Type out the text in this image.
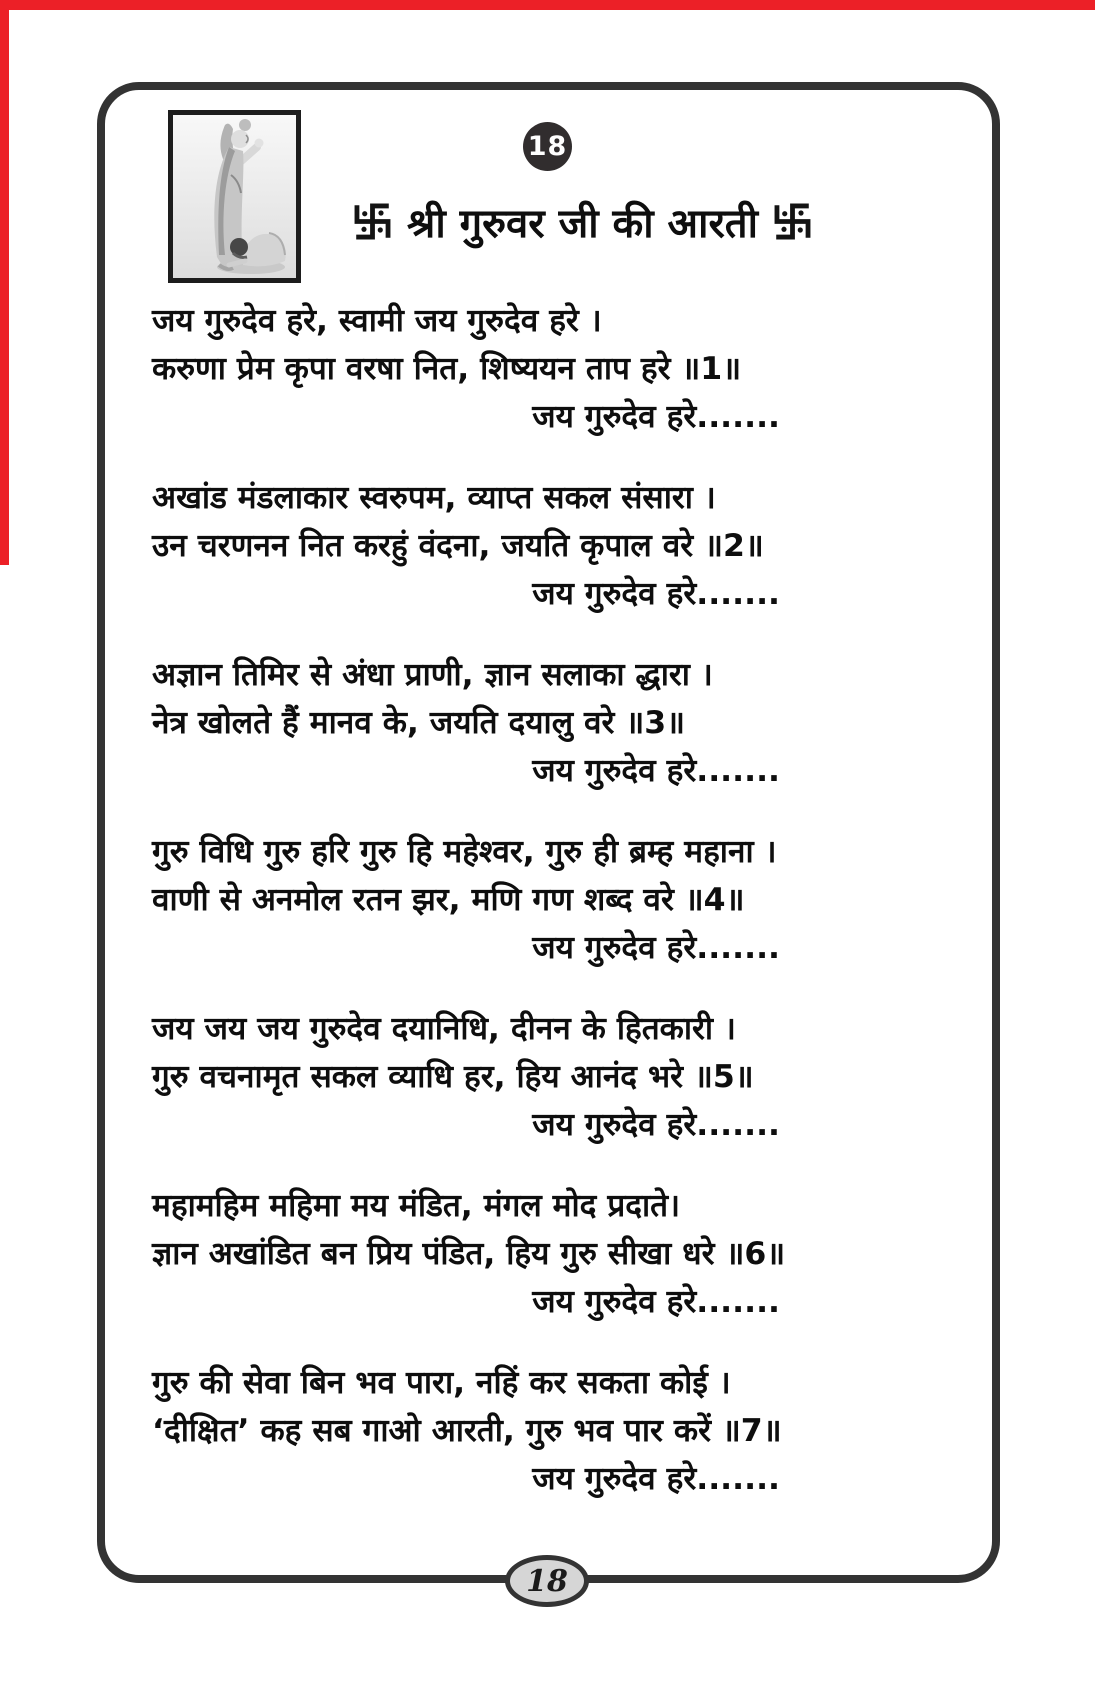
18
श्री गुरुवर जी की आरती
जय गुरुदेव हरे, स्वामी जय गुरुदेव हरे ।
करुणा प्रेम कृपा वरषा नित, शिष्ययन ताप हरे ॥1॥
जय गुरुदेव हरे.......
अखांड मंडलाकार स्वरुपम, व्याप्त सकल संसारा ।
उन चरणनन नित करहुं वंदना, जयति कृपाल वरे ॥2॥
जय गुरुदेव हरे.......
अज्ञान तिमिर से अंधा प्राणी, ज्ञान सलाका द्धारा ।
नेत्र खोलते हैं मानव के, जयति दयालु वरे ॥3॥
जय गुरुदेव हरे.......
गुरु विधि गुरु हरि गुरु हि महेश्वर, गुरु ही ब्रम्ह महाना ।
वाणी से अनमोल रतन झर, मणि गण शब्द वरे ॥4॥
जय गुरुदेव हरे.......
जय जय जय गुरुदेव दयानिधि, दीनन के हितकारी ।
गुरु वचनामृत सकल व्याधि हर, हिय आनंद भरे ॥5॥
जय गुरुदेव हरे.......
महामहिम महिमा मय मंडित, मंगल मोद प्रदाते।
ज्ञान अखांडित बन प्रिय पंडित, हिय गुरु सीखा धरे ॥6॥
जय गुरुदेव हरे.......
गुरु की सेवा बिन भव पारा, नहिं कर सकता कोई ।
‘दीक्षित’ कह सब गाओ आरती, गुरु भव पार करें ॥7॥
जय गुरुदेव हरे.......
18
